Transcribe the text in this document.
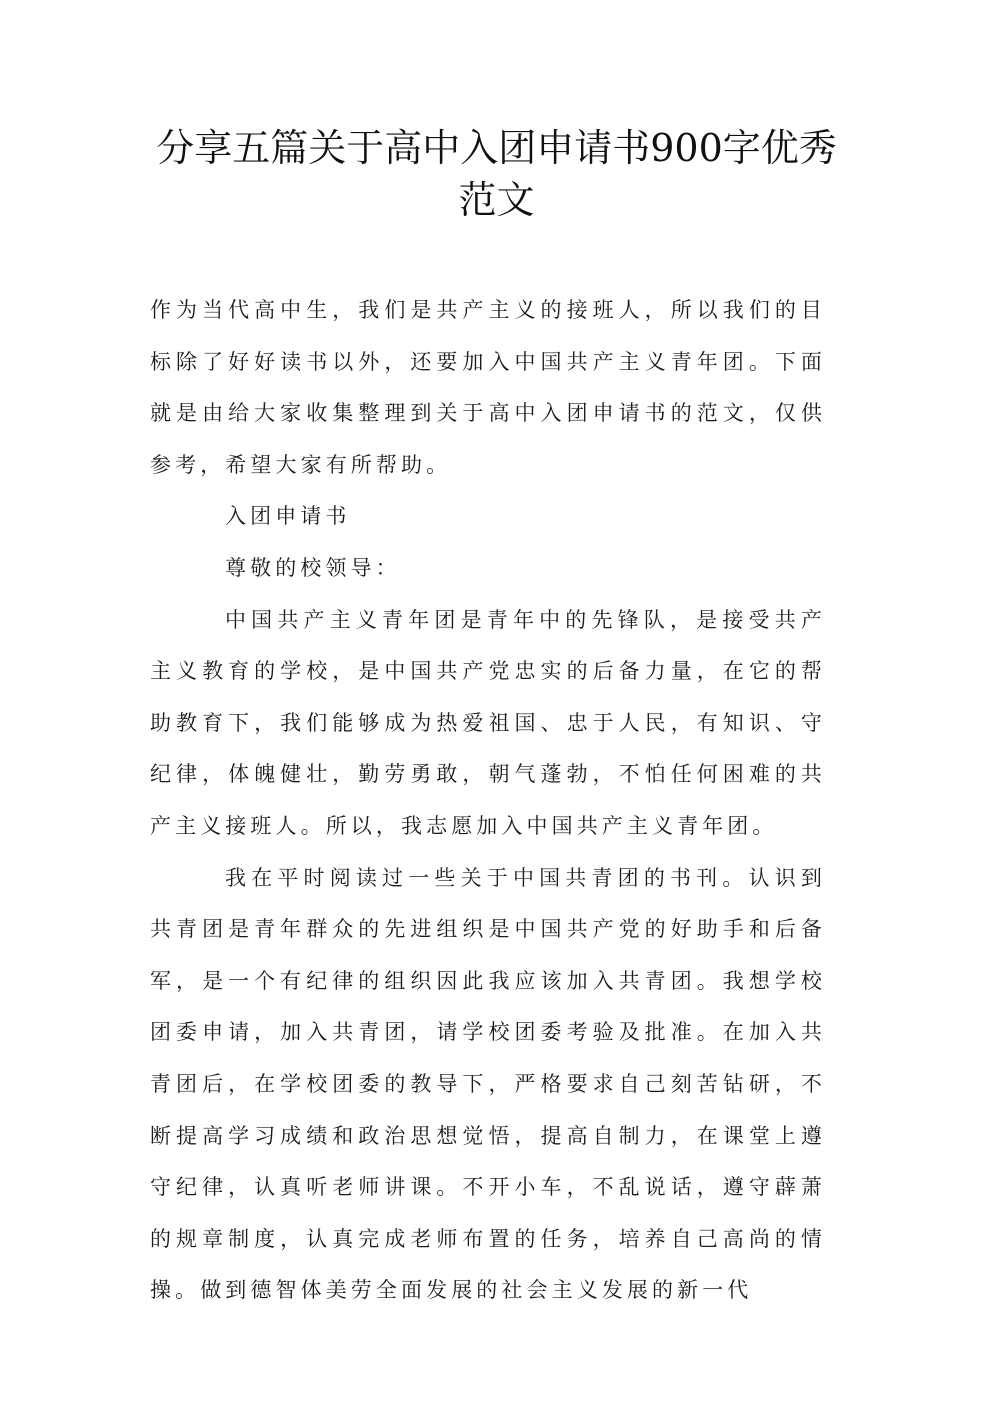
分享五篇关于高中入团申请书900字优秀范文

作为当代高中生，我们是共产主义的接班人，所以我们的目标除了好好读书以外，还要加入中国共产主义青年团。下面就是由给大家收集整理到关于高中入团申请书的范文，仅供参考，希望大家有所帮助。

入团申请书

尊敬的校领导：

中国共产主义青年团是青年中的先锋队，是接受共产主义教育的学校，是中国共产党忠实的后备力量，在它的帮助教育下，我们能够成为热爱祖国、忠于人民，有知识、守纪律，体魄健壮，勤劳勇敢，朝气蓬勃，不怕任何困难的共产主义接班人。所以，我志愿加入中国共产主义青年团。

我在平时阅读过一些关于中国共青团的书刊。认识到共青团是青年群众的先进组织是中国共产党的好助手和后备军，是一个有纪律的组织因此我应该加入共青团。我想学校团委申请，加入共青团，请学校团委考验及批准。在加入共青团后，在学校团委的教导下，严格要求自己刻苦钻研，不断提高学习成绩和政治思想觉悟，提高自制力，在课堂上遵守纪律，认真听老师讲课。不开小车，不乱说话，遵守薜萧的规章制度，认真完成老师布置的任务，培养自己高尚的情操。做到德智体美劳全面发展的社会主义发展的新一代
